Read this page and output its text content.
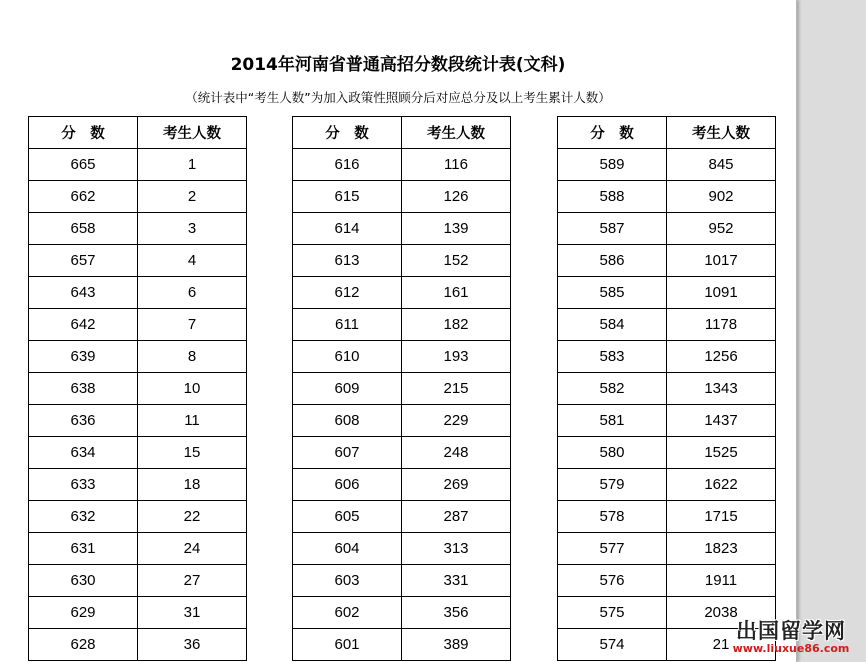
2014年河南省普通高招分数段统计表(文科)
（统计表中“考生人数”为加入政策性照顾分后对应总分及以上考生累计人数）
分　数	考生人数
665	1
662	2
658	3
657	4
643	6
642	7
639	8
638	10
636	11
634	15
633	18
632	22
631	24
630	27
629	31
628	36
分　数	考生人数
616	116
615	126
614	139
613	152
612	161
611	182
610	193
609	215
608	229
607	248
606	269
605	287
604	313
603	331
602	356
601	389
分　数	考生人数
589	845
588	902
587	952
586	1017
585	1091
584	1178
583	1256
582	1343
581	1437
580	1525
579	1622
578	1715
577	1823
576	1911
575	2038
574	21
出国留学网
www.liuxue86.com
